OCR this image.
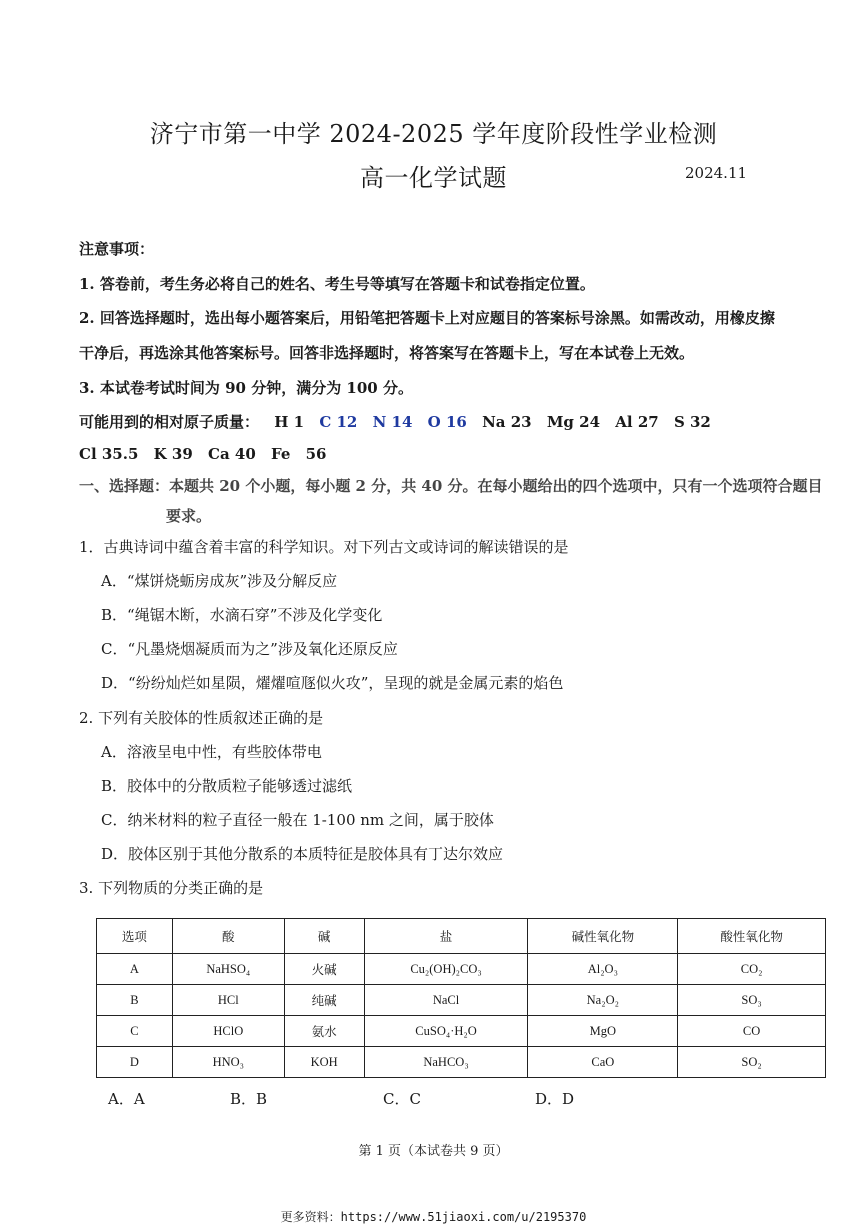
济宁市第一中学 2024-2025 学年度阶段性学业检测
高一化学试题	2024.11
注意事项：
1. 答卷前，考生务必将自己的姓名、考生号等填写在答题卡和试卷指定位置。
2. 回答选择题时，选出每小题答案后，用铅笔把答题卡上对应题目的答案标号涂黑。如需改动，用橡皮擦
干净后，再选涂其他答案标号。回答非选择题时，将答案写在答题卡上，写在本试卷上无效。
3. 本试卷考试时间为 90 分钟，满分为 100 分。
可能用到的相对原子质量： H 1 C 12 N 14 O 16 Na 23 Mg 24 Al 27 S 32
Cl 35.5 K 39 Ca 40 Fe 56
一、选择题：本题共 20 个小题，每小题 2 分，共 40 分。在每小题给出的四个选项中，只有一个选项符合题目
要求。
1．古典诗词中蕴含着丰富的科学知识。对下列古文或诗词的解读错误的是
A．“煤饼烧蛎房成灰”涉及分解反应
B．“绳锯木断，水滴石穿”不涉及化学变化
C．“凡墨烧烟凝质而为之”涉及氧化还原反应
D．“纷纷灿烂如星陨，燿燿喧豗似火攻”，呈现的就是金属元素的焰色
2. 下列有关胶体的性质叙述正确的是
A．溶液呈电中性，有些胶体带电
B．胶体中的分散质粒子能够透过滤纸
C．纳米材料的粒子直径一般在 1-100 nm 之间，属于胶体
D．胶体区别于其他分散系的本质特征是胶体具有丁达尔效应
3. 下列物质的分类正确的是
选项	酸	碱	盐	碱性氧化物	酸性氧化物
A	NaHSO₄	火碱	Cu₂(OH)₂CO₃	Al₂O₃	CO₂
B	HCl	纯碱	NaCl	Na₂O₂	SO₃
C	HClO	氨水	CuSO₄·H₂O	MgO	CO
D	HNO₃	KOH	NaHCO₃	CaO	SO₂
A．A	B．B	C．C	D．D
第 1 页（本试卷共 9 页）
更多资料：https://www.51jiaoxi.com/u/2195370
